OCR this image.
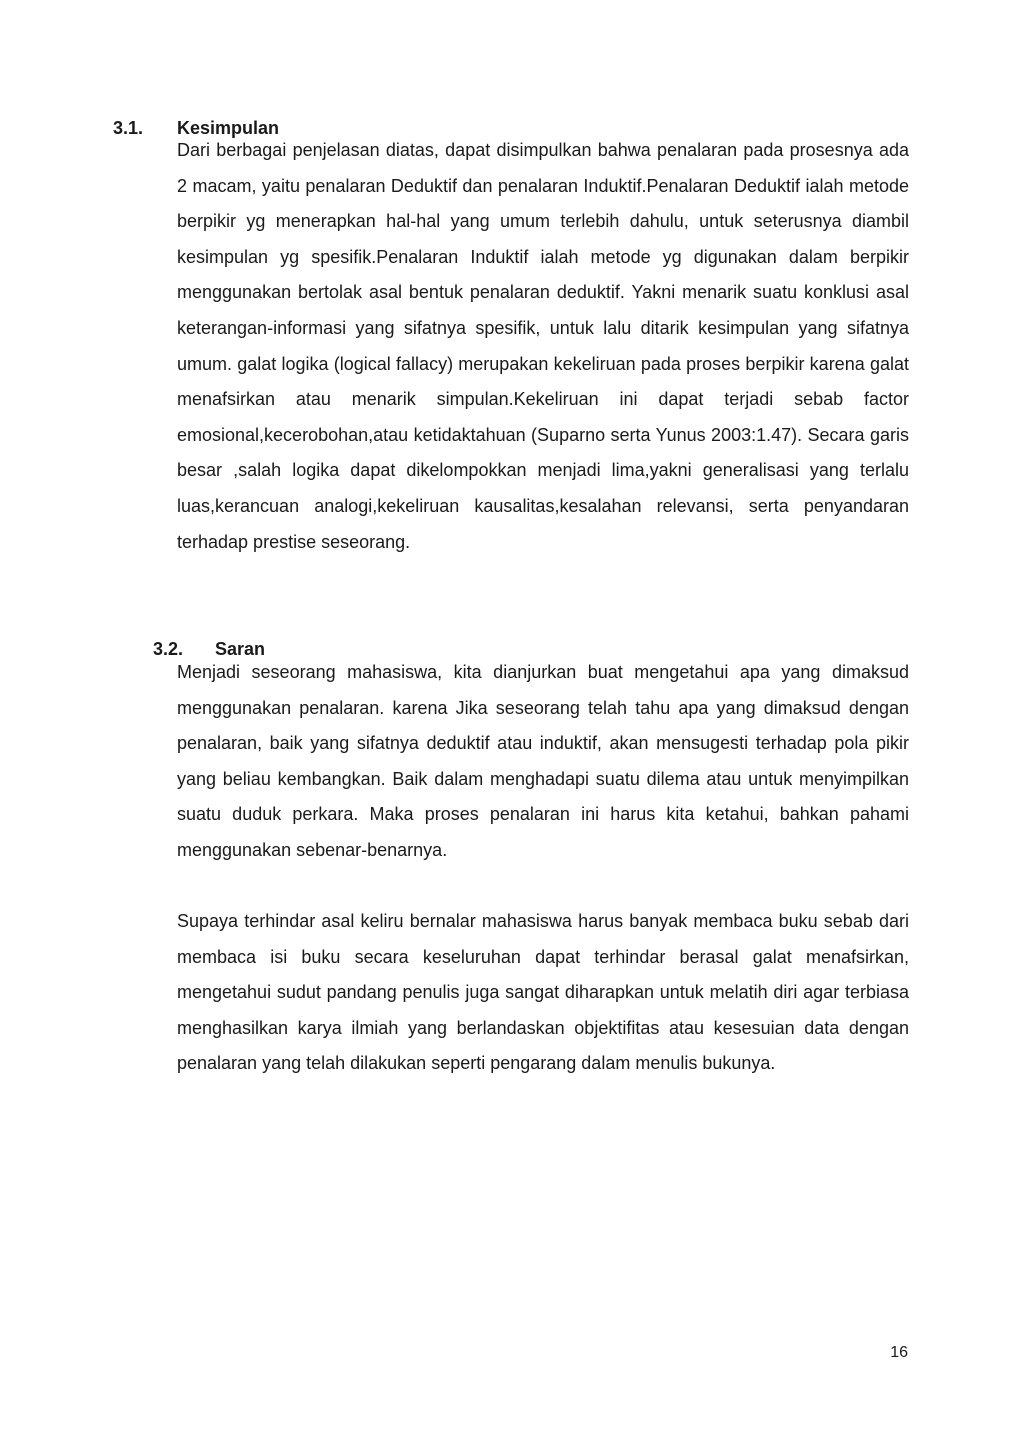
3.1. Kesimpulan

Dari berbagai penjelasan diatas, dapat disimpulkan bahwa penalaran pada prosesnya ada 2 macam, yaitu penalaran Deduktif dan penalaran Induktif.Penalaran Deduktif ialah metode berpikir yg menerapkan hal-hal yang umum terlebih dahulu, untuk seterusnya diambil kesimpulan yg spesifik.Penalaran Induktif ialah metode yg digunakan dalam berpikir menggunakan bertolak asal bentuk penalaran deduktif. Yakni menarik suatu konklusi asal keterangan-informasi yang sifatnya spesifik, untuk lalu ditarik kesimpulan yang sifatnya umum. galat logika (logical fallacy) merupakan kekeliruan pada proses berpikir karena galat menafsirkan atau menarik simpulan.Kekeliruan ini dapat terjadi sebab factor emosional,kecerobohan,atau ketidaktahuan (Suparno serta Yunus 2003:1.47). Secara garis besar ,salah logika dapat dikelompokkan menjadi lima,yakni generalisasi yang terlalu luas,kerancuan analogi,kekeliruan kausalitas,kesalahan relevansi, serta penyandaran terhadap prestise seseorang.

3.2. Saran

Menjadi seseorang mahasiswa, kita dianjurkan buat mengetahui apa yang dimaksud menggunakan penalaran. karena Jika seseorang telah tahu apa yang dimaksud dengan penalaran, baik yang sifatnya deduktif atau induktif, akan mensugesti terhadap pola pikir yang beliau kembangkan. Baik dalam menghadapi suatu dilema atau untuk menyimpilkan suatu duduk perkara. Maka proses penalaran ini harus kita ketahui, bahkan pahami menggunakan sebenar-benarnya.

Supaya terhindar asal keliru bernalar mahasiswa harus banyak membaca buku sebab dari membaca isi buku secara keseluruhan dapat terhindar berasal galat menafsirkan, mengetahui sudut pandang penulis juga sangat diharapkan untuk melatih diri agar terbiasa menghasilkan karya ilmiah yang berlandaskan objektifitas atau kesesuian data dengan penalaran yang telah dilakukan seperti pengarang dalam menulis bukunya.

16
